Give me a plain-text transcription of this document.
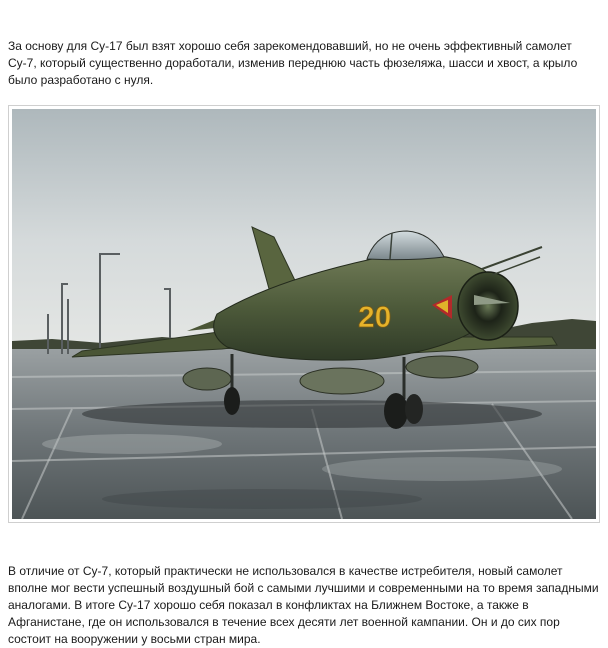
За основу для Су-17 был взят хорошо себя зарекомендовавший, но не очень эффективный самолет Су-7, который существенно доработали, изменив переднюю часть фюзеляжа, шасси и хвост, а крыло было разработано с нуля.

20

В отличие от Су-7, который практически не использовался в качестве истребителя, новый самолет вполне мог вести успешный воздушный бой с самыми лучшими и современными на то время западными аналогами. В итоге Су-17 хорошо себя показал в конфликтах на Ближнем Востоке, а также в Афганистане, где он использовался в течение всех десяти лет военной кампании. Он и до сих пор состоит на вооружении у восьми стран мира.
